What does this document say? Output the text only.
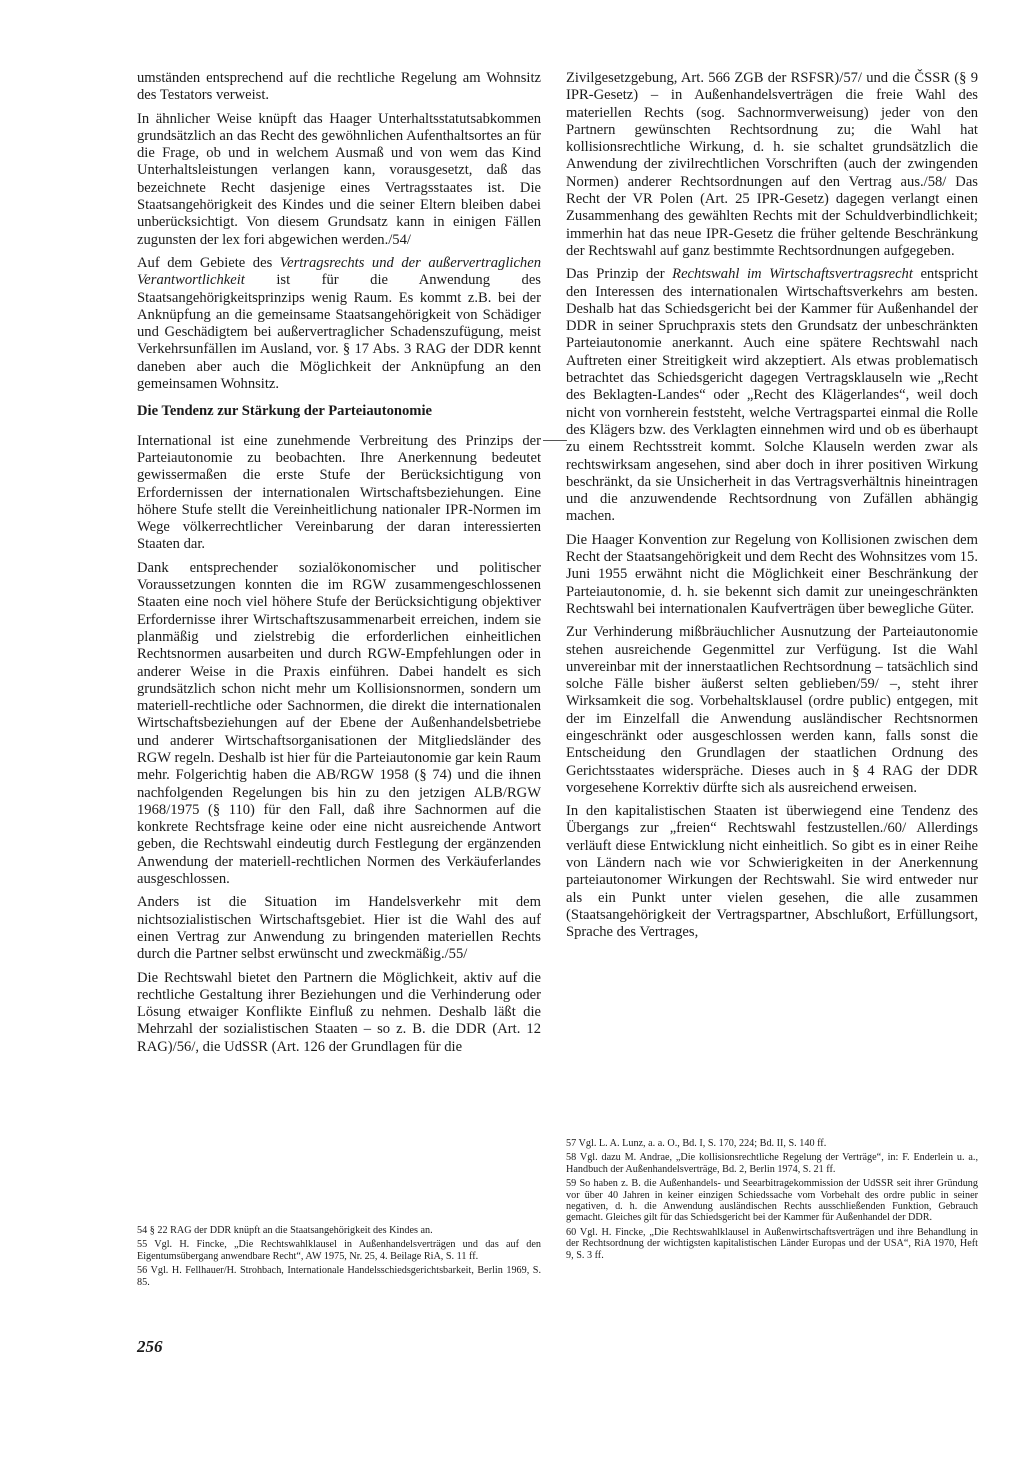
umständen entsprechend auf die rechtliche Regelung am Wohnsitz des Testators verweist.

In ähnlicher Weise knüpft das Haager Unterhaltsstatutsabkommen grundsätzlich an das Recht des gewöhnlichen Aufenthaltsortes an für die Frage, ob und in welchem Ausmaß und von wem das Kind Unterhaltsleistungen verlangen kann, vorausgesetzt, daß das bezeichnete Recht dasjenige eines Vertragsstaates ist. Die Staatsangehörigkeit des Kindes und die seiner Eltern bleiben dabei unberücksichtigt. Von diesem Grundsatz kann in einigen Fällen zugunsten der lex fori abgewichen werden./54/

Auf dem Gebiete des Vertragsrechts und der außervertraglichen Verantwortlichkeit ist für die Anwendung des Staatsangehörigkeitsprinzips wenig Raum. Es kommt z.B. bei der Anknüpfung an die gemeinsame Staatsangehörigkeit von Schädiger und Geschädigtem bei außervertraglicher Schadenszufügung, meist Verkehrsunfällen im Ausland, vor. § 17 Abs. 3 RAG der DDR kennt daneben aber auch die Möglichkeit der Anknüpfung an den gemeinsamen Wohnsitz.

Die Tendenz zur Stärkung der Parteiautonomie

International ist eine zunehmende Verbreitung des Prinzips der Parteiautonomie zu beobachten. Ihre Anerkennung bedeutet gewissermaßen die erste Stufe der Berücksichtigung von Erfordernissen der internationalen Wirtschaftsbeziehungen. Eine höhere Stufe stellt die Vereinheitlichung nationaler IPR-Normen im Wege völkerrechtlicher Vereinbarung der daran interessierten Staaten dar.

Dank entsprechender sozialökonomischer und politischer Voraussetzungen konnten die im RGW zusammengeschlossenen Staaten eine noch viel höhere Stufe der Berücksichtigung objektiver Erfordernisse ihrer Wirtschaftszusammenarbeit erreichen, indem sie planmäßig und zielstrebig die erforderlichen einheitlichen Rechtsnormen ausarbeiten und durch RGW-Empfehlungen oder in anderer Weise in die Praxis einführen. Dabei handelt es sich grundsätzlich schon nicht mehr um Kollisionsnormen, sondern um materiell-rechtliche oder Sachnormen, die direkt die internationalen Wirtschaftsbeziehungen auf der Ebene der Außenhandelsbetriebe und anderer Wirtschaftsorganisationen der Mitgliedsländer des RGW regeln. Deshalb ist hier für die Parteiautonomie gar kein Raum mehr. Folgerichtig haben die AB/RGW 1958 (§ 74) und die ihnen nachfolgenden Regelungen bis hin zu den jetzigen ALB/RGW 1968/1975 (§ 110) für den Fall, daß ihre Sachnormen auf die konkrete Rechtsfrage keine oder eine nicht ausreichende Antwort geben, die Rechtswahl eindeutig durch Festlegung der ergänzenden Anwendung der materiell-rechtlichen Normen des Verkäuferlandes ausgeschlossen.

Anders ist die Situation im Handelsverkehr mit dem nichtsozialistischen Wirtschaftsgebiet. Hier ist die Wahl des auf einen Vertrag zur Anwendung zu bringenden materiellen Rechts durch die Partner selbst erwünscht und zweckmäßig./55/

Die Rechtswahl bietet den Partnern die Möglichkeit, aktiv auf die rechtliche Gestaltung ihrer Beziehungen und die Verhinderung oder Lösung etwaiger Konflikte Einfluß zu nehmen. Deshalb läßt die Mehrzahl der sozialistischen Staaten – so z. B. die DDR (Art. 12 RAG)/56/, die UdSSR (Art. 126 der Grundlagen für die

Zivilgesetzgebung, Art. 566 ZGB der RSFSR)/57/ und die ČSSR (§ 9 IPR-Gesetz) – in Außenhandelsverträgen die freie Wahl des materiellen Rechts (sog. Sachnormverweisung) jeder von den Partnern gewünschten Rechtsordnung zu; die Wahl hat kollisionsrechtliche Wirkung, d. h. sie schaltet grundsätzlich die Anwendung der zivilrechtlichen Vorschriften (auch der zwingenden Normen) anderer Rechtsordnungen auf den Vertrag aus./58/ Das Recht der VR Polen (Art. 25 IPR-Gesetz) dagegen verlangt einen Zusammenhang des gewählten Rechts mit der Schuldverbindlichkeit; immerhin hat das neue IPR-Gesetz die früher geltende Beschränkung der Rechtswahl auf ganz bestimmte Rechtsordnungen aufgegeben.

Das Prinzip der Rechtswahl im Wirtschaftsvertragsrecht entspricht den Interessen des internationalen Wirtschaftsverkehrs am besten. Deshalb hat das Schiedsgericht bei der Kammer für Außenhandel der DDR in seiner Spruchpraxis stets den Grundsatz der unbeschränkten Parteiautonomie anerkannt. Auch eine spätere Rechtswahl nach Auftreten einer Streitigkeit wird akzeptiert. Als etwas problematisch betrachtet das Schiedsgericht dagegen Vertragsklauseln wie „Recht des Beklagten-Landes“ oder „Recht des Klägerlandes“, weil doch nicht von vornherein feststeht, welche Vertragspartei einmal die Rolle des Klägers bzw. des Verklagten einnehmen wird und ob es überhaupt zu einem Rechtsstreit kommt. Solche Klauseln werden zwar als rechtswirksam angesehen, sind aber doch in ihrer positiven Wirkung beschränkt, da sie Unsicherheit in das Vertragsverhältnis hineintragen und die anzuwendende Rechtsordnung von Zufällen abhängig machen.

Die Haager Konvention zur Regelung von Kollisionen zwischen dem Recht der Staatsangehörigkeit und dem Recht des Wohnsitzes vom 15. Juni 1955 erwähnt nicht die Möglichkeit einer Beschränkung der Parteiautonomie, d. h. sie bekennt sich damit zur uneingeschränkten Rechtswahl bei internationalen Kaufverträgen über bewegliche Güter.

Zur Verhinderung mißbräuchlicher Ausnutzung der Parteiautonomie stehen ausreichende Gegenmittel zur Verfügung. Ist die Wahl unvereinbar mit der innerstaatlichen Rechtsordnung – tatsächlich sind solche Fälle bisher äußerst selten geblieben/59/ –, steht ihrer Wirksamkeit die sog. Vorbehaltsklausel (ordre public) entgegen, mit der im Einzelfall die Anwendung ausländischer Rechtsnormen eingeschränkt oder ausgeschlossen werden kann, falls sonst die Entscheidung den Grundlagen der staatlichen Ordnung des Gerichtsstaates widerspräche. Dieses auch in § 4 RAG der DDR vorgesehene Korrektiv dürfte sich als ausreichend erweisen.

In den kapitalistischen Staaten ist überwiegend eine Tendenz des Übergangs zur „freien“ Rechtswahl festzustellen./60/ Allerdings verläuft diese Entwicklung nicht einheitlich. So gibt es in einer Reihe von Ländern nach wie vor Schwierigkeiten in der Anerkennung parteiautonomer Wirkungen der Rechtswahl. Sie wird entweder nur als ein Punkt unter vielen gesehen, die alle zusammen (Staatsangehörigkeit der Vertragspartner, Abschlußort, Erfüllungsort, Sprache des Vertrages,

54 § 22 RAG der DDR knüpft an die Staatsangehörigkeit des Kindes an.

55 Vgl. H. Fincke, „Die Rechtswahlklausel in Außenhandelsverträgen und das auf den Eigentumsübergang anwendbare Recht“, AW 1975, Nr. 25, 4. Beilage RiA, S. 11 ff.

56 Vgl. H. Fellhauer/H. Strohbach, Internationale Handelsschiedsgerichtsbarkeit, Berlin 1969, S. 85.

57 Vgl. L. A. Lunz, a. a. O., Bd. I, S. 170, 224; Bd. II, S. 140 ff.

58 Vgl. dazu M. Andrae, „Die kollisionsrechtliche Regelung der Verträge“, in: F. Enderlein u. a., Handbuch der Außenhandelsverträge, Bd. 2, Berlin 1974, S. 21 ff.

59 So haben z. B. die Außenhandels- und Seearbitragekommission der UdSSR seit ihrer Gründung vor über 40 Jahren in keiner einzigen Schiedssache vom Vorbehalt des ordre public in seiner negativen, d. h. die Anwendung ausländischen Rechts ausschließenden Funktion, Gebrauch gemacht. Gleiches gilt für das Schiedsgericht bei der Kammer für Außenhandel der DDR.

60 Vgl. H. Fincke, „Die Rechtswahlklausel in Außenwirtschaftsverträgen und ihre Behandlung in der Rechtsordnung der wichtigsten kapitalistischen Länder Europas und der USA“, RiA 1970, Heft 9, S. 3 ff.

256
